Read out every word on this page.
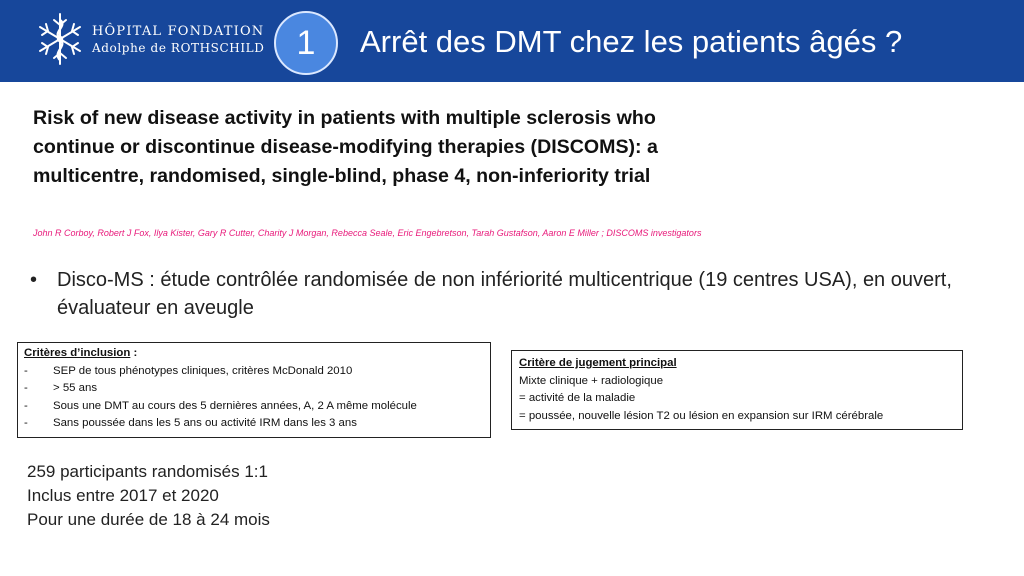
HÔPITAL FONDATION
Adolphe de ROTHSCHILD 1	Arrêt des DMT chez les patients âgés ?
Risk of new disease activity in patients with multiple sclerosis who continue or discontinue disease-modifying therapies (DISCOMS): a multicentre, randomised, single-blind, phase 4, non-inferiority trial
John R Corboy, Robert J Fox, Ilya Kister, Gary R Cutter, Charity J Morgan, Rebecca Seale, Eric Engebretson, Tarah Gustafson, Aaron E Miller ; DISCOMS investigators
• Disco-MS : étude contrôlée randomisée de non infériorité multicentrique (19 centres USA), en ouvert, évaluateur en aveugle
Critères d’inclusion :
-	SEP de tous phénotypes cliniques, critères McDonald 2010
-	> 55 ans
-	Sous une DMT au cours des 5 dernières années, A, 2 A même molécule
-	Sans poussée dans les 5 ans ou activité IRM dans les 3 ans
Critère de jugement principal
Mixte clinique + radiologique
= activité de la maladie
= poussée, nouvelle lésion T2 ou lésion en expansion sur IRM cérébrale
259 participants randomisés 1:1
Inclus entre 2017 et 2020
Pour une durée de 18 à 24 mois
